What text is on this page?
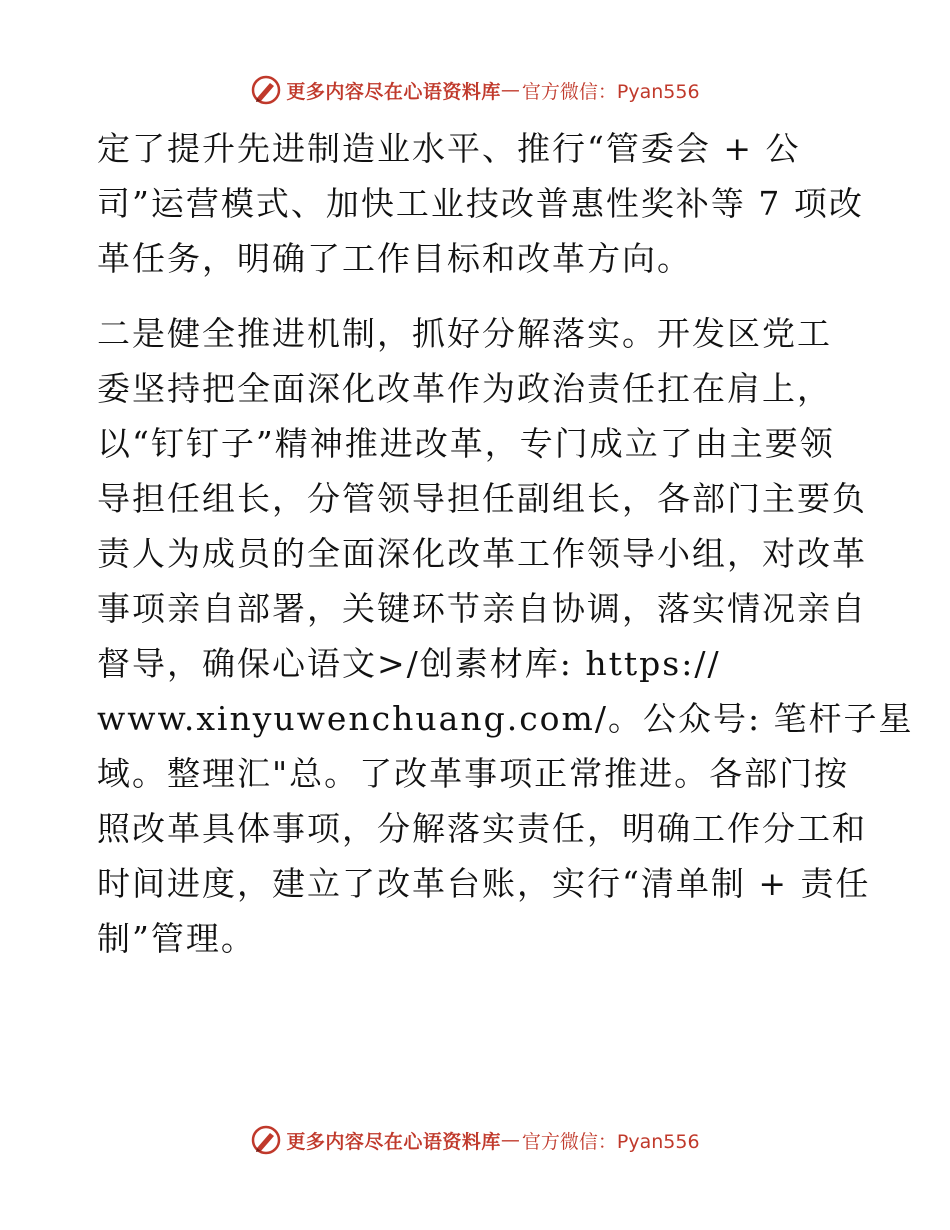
更多内容尽在心语资料库 — 官方微信：Pyan556
定了提升先进制造业水平、推行“管委会 + 公
司”运营模式、加快工业技改普惠性奖补等 7 项改
革任务，明确了工作目标和改革方向。
二是健全推进机制，抓好分解落实。开发区党工
委坚持把全面深化改革作为政治责任扛在肩上，
以“钉钉子”精神推进改革，专门成立了由主要领
导担任组长，分管领导担任副组长，各部门主要负
责人为成员的全面深化改革工作领导小组，对改革
事项亲自部署，关键环节亲自协调，落实情况亲自
督导，确保心语文>/创素材库: https://
www.xinyuwenchuang.com/。公众号: 笔杆子星
域。整理汇"总。了改革事项正常推进。各部门按
照改革具体事项，分解落实责任，明确工作分工和
时间进度，建立了改革台账，实行“清单制 + 责任
制”管理。
更多内容尽在心语资料库 — 官方微信：Pyan556
